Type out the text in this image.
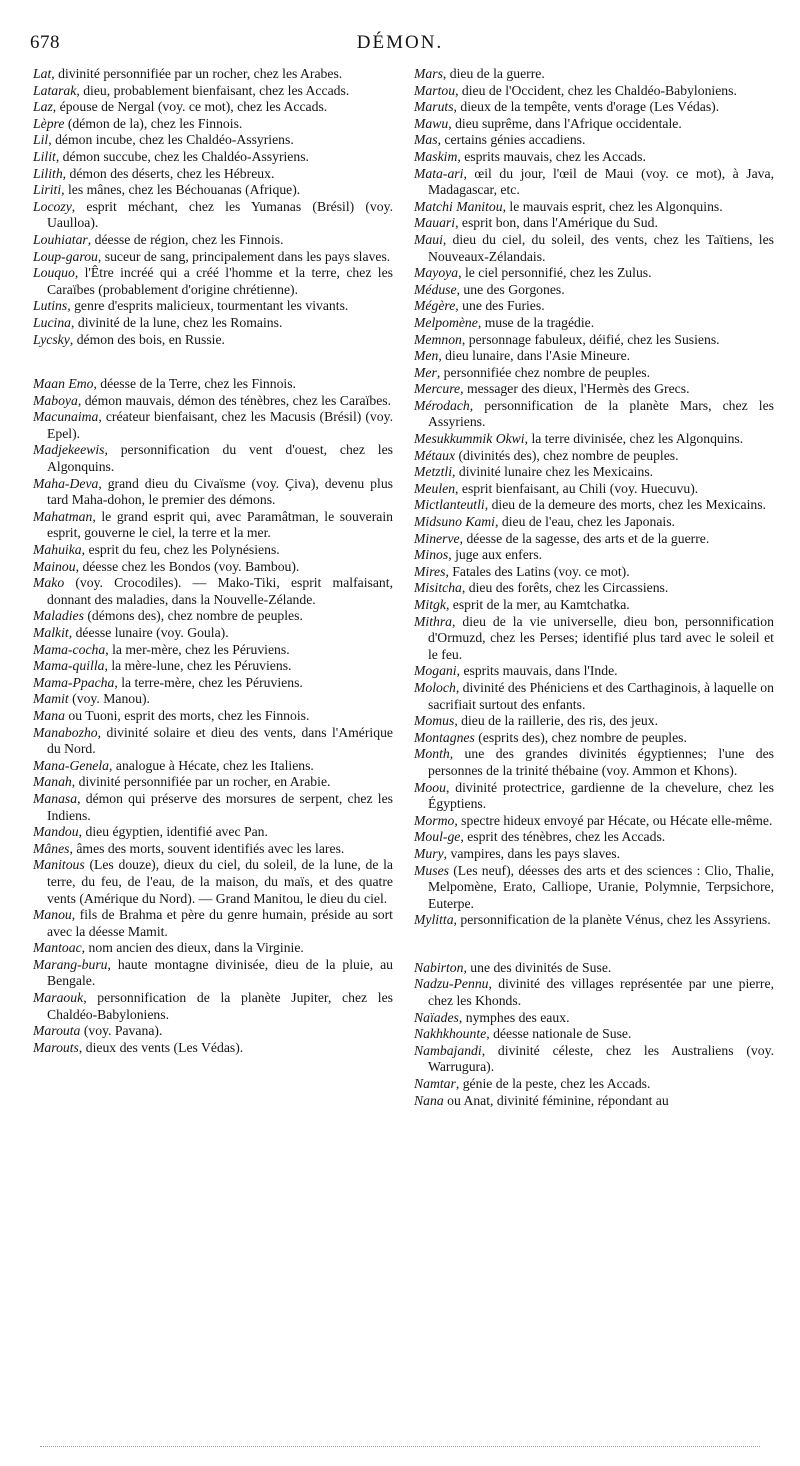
678	DÉMON.

Lat, divinité personnifiée par un rocher, chez les Arabes.

Latarak, dieu, probablement bienfaisant, chez les Accads.

Laz, épouse de Nergal (voy. ce mot), chez les Accads.

Lèpre (démon de la), chez les Finnois.

Lil, démon incube, chez les Chaldéo-Assyriens.

Lilit, démon succube, chez les Chaldéo-Assyriens.

Lilith, démon des déserts, chez les Hébreux.

Liriti, les mânes, chez les Béchouanas (Afrique).

Locozy, esprit méchant, chez les Yumanas (Brésil) (voy. Uaulloa).

Louhiatar, déesse de région, chez les Finnois.

Loup-garou, suceur de sang, principalement dans les pays slaves.

Louquo, l'Être incréé qui a créé l'homme et la terre, chez les Caraïbes (probablement d'origine chrétienne).

Lutins, genre d'esprits malicieux, tourmentant les vivants.

Lucina, divinité de la lune, chez les Romains.

Lycsky, démon des bois, en Russie.

Maan Emo, déesse de la Terre, chez les Finnois.

Maboya, démon mauvais, démon des ténèbres, chez les Caraïbes.

Macunaima, créateur bienfaisant, chez les Macusis (Brésil) (voy. Epel).

Madjekeewis, personnification du vent d'ouest, chez les Algonquins.

Maha-Deva, grand dieu du Civaïsme (voy. Çiva), devenu plus tard Maha-dohon, le premier des démons.

Mahatman, le grand esprit qui, avec Paramâtman, le souverain esprit, gouverne le ciel, la terre et la mer.

Mahuika, esprit du feu, chez les Polynésiens.

Mainou, déesse chez les Bondos (voy. Bambou).

Mako (voy. Crocodiles). — Mako-Tiki, esprit malfaisant, donnant des maladies, dans la Nouvelle-Zélande.

Maladies (démons des), chez nombre de peuples.

Malkit, déesse lunaire (voy. Goula).

Mama-cocha, la mer-mère, chez les Péruviens.

Mama-quilla, la mère-lune, chez les Péruviens.

Mama-Ppacha, la terre-mère, chez les Péruviens.

Mamit (voy. Manou).

Mana ou Tuoni, esprit des morts, chez les Finnois.

Manabozho, divinité solaire et dieu des vents, dans l'Amérique du Nord.

Mana-Genela, analogue à Hécate, chez les Italiens.

Manah, divinité personnifiée par un rocher, en Arabie.

Manasa, démon qui préserve des morsures de serpent, chez les Indiens.

Mandou, dieu égyptien, identifié avec Pan.

Mânes, âmes des morts, souvent identifiés avec les lares.

Manitous (Les douze), dieux du ciel, du soleil, de la lune, de la terre, du feu, de l'eau, de la maison, du maïs, et des quatre vents (Amérique du Nord). — Grand Manitou, le dieu du ciel.

Manou, fils de Brahma et père du genre humain, préside au sort avec la déesse Mamit.

Mantoac, nom ancien des dieux, dans la Virginie.

Marang-buru, haute montagne divinisée, dieu de la pluie, au Bengale.

Maraouk, personnification de la planète Jupiter, chez les Chaldéo-Babyloniens.

Marouta (voy. Pavana).

Marouts, dieux des vents (Les Védas).

Mars, dieu de la guerre.

Martou, dieu de l'Occident, chez les Chaldéo-Babyloniens.

Maruts, dieux de la tempête, vents d'orage (Les Védas).

Mawu, dieu suprême, dans l'Afrique occidentale.

Mas, certains génies accadiens.

Maskim, esprits mauvais, chez les Accads.

Mata-ari, œil du jour, l'œil de Maui (voy. ce mot), à Java, Madagascar, etc.

Matchi Manitou, le mauvais esprit, chez les Algonquins.

Mauari, esprit bon, dans l'Amérique du Sud.

Maui, dieu du ciel, du soleil, des vents, chez les Taïtiens, les Nouveaux-Zélandais.

Mayoya, le ciel personnifié, chez les Zulus.

Méduse, une des Gorgones.

Mégère, une des Furies.

Melpomène, muse de la tragédie.

Memnon, personnage fabuleux, déifié, chez les Susiens.

Men, dieu lunaire, dans l'Asie Mineure.

Mer, personnifiée chez nombre de peuples.

Mercure, messager des dieux, l'Hermès des Grecs.

Mérodach, personnification de la planète Mars, chez les Assyriens.

Mesukkummik Okwi, la terre divinisée, chez les Algonquins.

Métaux (divinités des), chez nombre de peuples.

Metztli, divinité lunaire chez les Mexicains.

Meulen, esprit bienfaisant, au Chili (voy. Huecuvu).

Mictlanteutli, dieu de la demeure des morts, chez les Mexicains.

Midsuno Kami, dieu de l'eau, chez les Japonais.

Minerve, déesse de la sagesse, des arts et de la guerre.

Minos, juge aux enfers.

Mires, Fatales des Latins (voy. ce mot).

Misitcha, dieu des forêts, chez les Circassiens.

Mitgk, esprit de la mer, au Kamtchatka.

Mithra, dieu de la vie universelle, dieu bon, personnification d'Ormuzd, chez les Perses; identifié plus tard avec le soleil et le feu.

Mogani, esprits mauvais, dans l'Inde.

Moloch, divinité des Phéniciens et des Carthaginois, à laquelle on sacrifiait surtout des enfants.

Momus, dieu de la raillerie, des ris, des jeux.

Montagnes (esprits des), chez nombre de peuples.

Month, une des grandes divinités égyptiennes; l'une des personnes de la trinité thébaine (voy. Ammon et Khons).

Moou, divinité protectrice, gardienne de la chevelure, chez les Égyptiens.

Mormo, spectre hideux envoyé par Hécate, ou Hécate elle-même.

Moul-ge, esprit des ténèbres, chez les Accads.

Mury, vampires, dans les pays slaves.

Muses (Les neuf), déesses des arts et des sciences : Clio, Thalie, Melpomène, Erato, Calliope, Uranie, Polymnie, Terpsichore, Euterpe.

Mylitta, personnification de la planète Vénus, chez les Assyriens.

Nabirton, une des divinités de Suse.

Nadzu-Pennu, divinité des villages représentée par une pierre, chez les Khonds.

Naïades, nymphes des eaux.

Nakhkhounte, déesse nationale de Suse.

Nambajandi, divinité céleste, chez les Australiens (voy. Warrugura).

Namtar, génie de la peste, chez les Accads.

Nana ou Anat, divinité féminine, répondant au
